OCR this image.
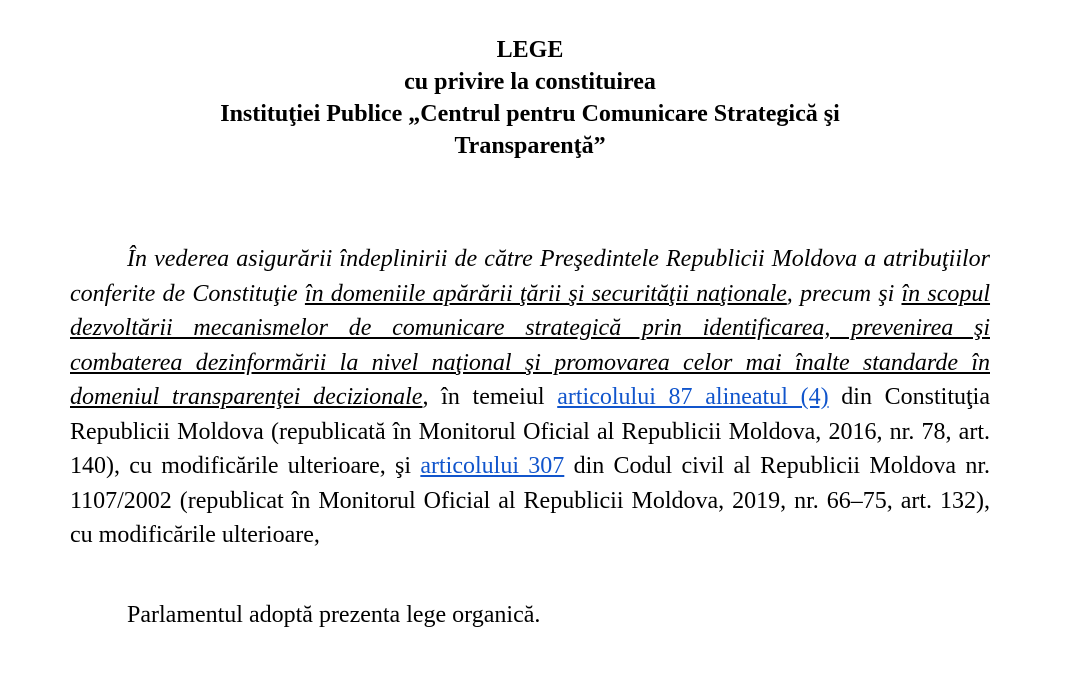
LEGE
cu privire la constituirea
Instituţiei Publice „Centrul pentru Comunicare Strategică şi
Transparenţă”

În vederea asigurării îndeplinirii de către Preşedintele Republicii Moldova a atribuţiilor conferite de Constituţie în domeniile apărării ţării şi securităţii naţionale, precum şi în scopul dezvoltării mecanismelor de comunicare strategică prin identificarea, prevenirea şi combaterea dezinformării la nivel naţional şi promovarea celor mai înalte standarde în domeniul transparenţei decizionale, în temeiul articolului 87 alineatul (4) din Constituţia Republicii Moldova (republicată în Monitorul Oficial al Republicii Moldova, 2016, nr. 78, art. 140), cu modificările ulterioare, şi articolului 307 din Codul civil al Republicii Moldova nr. 1107/2002 (republicat în Monitorul Oficial al Republicii Moldova, 2019, nr. 66–75, art. 132), cu modificările ulterioare,

Parlamentul adoptă prezenta lege organică.
